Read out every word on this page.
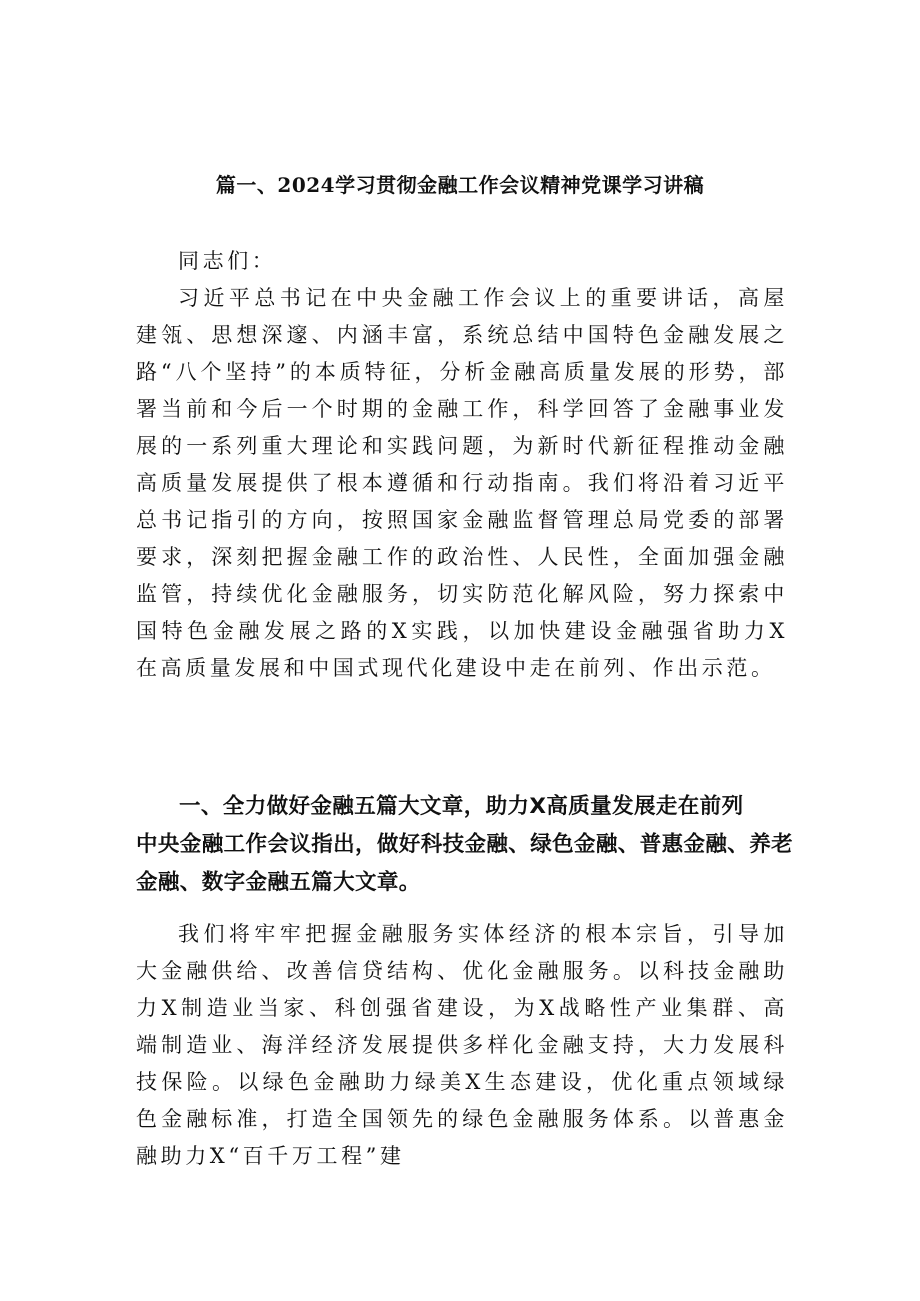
篇一、2024学习贯彻金融工作会议精神党课学习讲稿

同志们：

习近平总书记在中央金融工作会议上的重要讲话，高屋建瓴、思想深邃、内涵丰富，系统总结中国特色金融发展之路“八个坚持”的本质特征，分析金融高质量发展的形势，部署当前和今后一个时期的金融工作，科学回答了金融事业发展的一系列重大理论和实践问题，为新时代新征程推动金融高质量发展提供了根本遵循和行动指南。我们将沿着习近平总书记指引的方向，按照国家金融监督管理总局党委的部署要求，深刻把握金融工作的政治性、人民性，全面加强金融监管，持续优化金融服务，切实防范化解风险，努力探索中国特色金融发展之路的X实践，以加快建设金融强省助力X在高质量发展和中国式现代化建设中走在前列、作出示范。

一、全力做好金融五篇大文章，助力X高质量发展走在前列

中央金融工作会议指出，做好科技金融、绿色金融、普惠金融、养老金融、数字金融五篇大文章。

我们将牢牢把握金融服务实体经济的根本宗旨，引导加大金融供给、改善信贷结构、优化金融服务。以科技金融助力X制造业当家、科创强省建设，为X战略性产业集群、高端制造业、海洋经济发展提供多样化金融支持，大力发展科技保险。以绿色金融助力绿美X生态建设，优化重点领域绿色金融标准，打造全国领先的绿色金融服务体系。以普惠金融助力X“百千万工程”建
